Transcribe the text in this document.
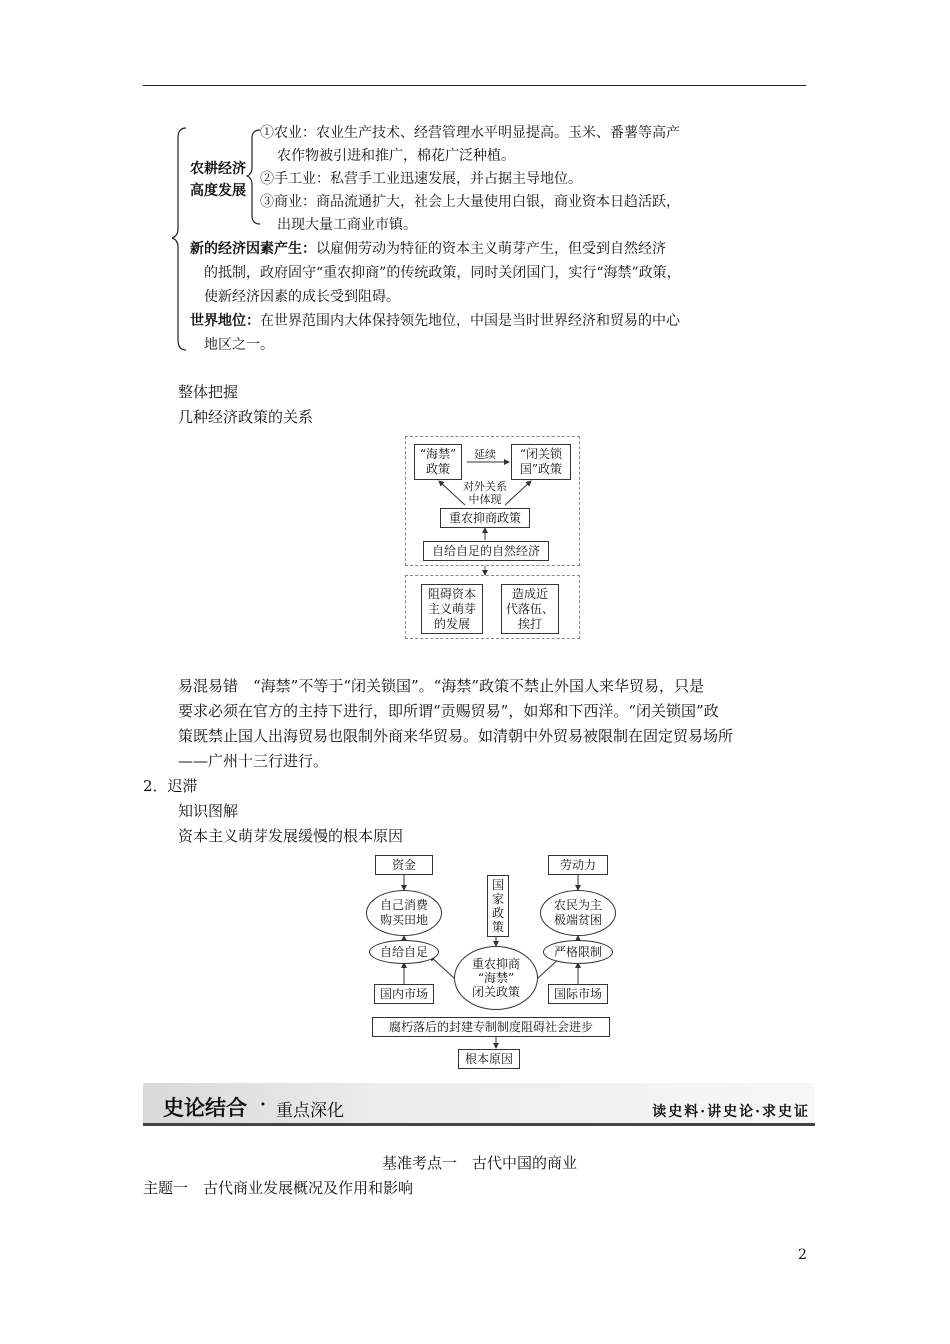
农耕经济
高度发展
①农业：农业生产技术、经营管理水平明显提高。玉米、番薯等高产
农作物被引进和推广，棉花广泛种植。
②手工业：私营手工业迅速发展，并占据主导地位。
③商业：商品流通扩大，社会上大量使用白银，商业资本日趋活跃，
出现大量工商业市镇。
新的经济因素产生：以雇佣劳动为特征的资本主义萌芽产生，但受到自然经济
的抵制，政府固守“重农抑商”的传统政策，同时关闭国门，实行“海禁”政策，
使新经济因素的成长受到阻碍。
世界地位：在世界范围内大体保持领先地位，中国是当时世界经济和贸易的中心
地区之一。
整体把握
几种经济政策的关系
“海禁”
政策
延续	“闭关锁
国”政策
对外关系
中体现
重农抑商政策
自给自足的自然经济
阻碍资本
主义萌芽
的发展
造成近
代落伍、
挨打
易混易错　“海禁”不等于“闭关锁国”。“海禁”政策不禁止外国人来华贸易，只是
要求必须在官方的主持下进行，即所谓“贡赐贸易”，如郑和下西洋。“闭关锁国”政
策既禁止国人出海贸易也限制外商来华贸易。如清朝中外贸易被限制在固定贸易场所
——广州十三行进行。
2．迟滞
知识图解
资本主义萌芽发展缓慢的根本原因
资金	劳动力
国
家
政
策
自己消费
购买田地
农民为主
极端贫困
自给自足	严格限制
重农抑商
“海禁”
闭关政策
国内市场	国际市场
腐朽落后的封建专制制度阻碍社会进步
根本原因
史论结合 · 重点深化	读史料·讲史论·求史证
基准考点一　古代中国的商业
主题一　古代商业发展概况及作用和影响
2
